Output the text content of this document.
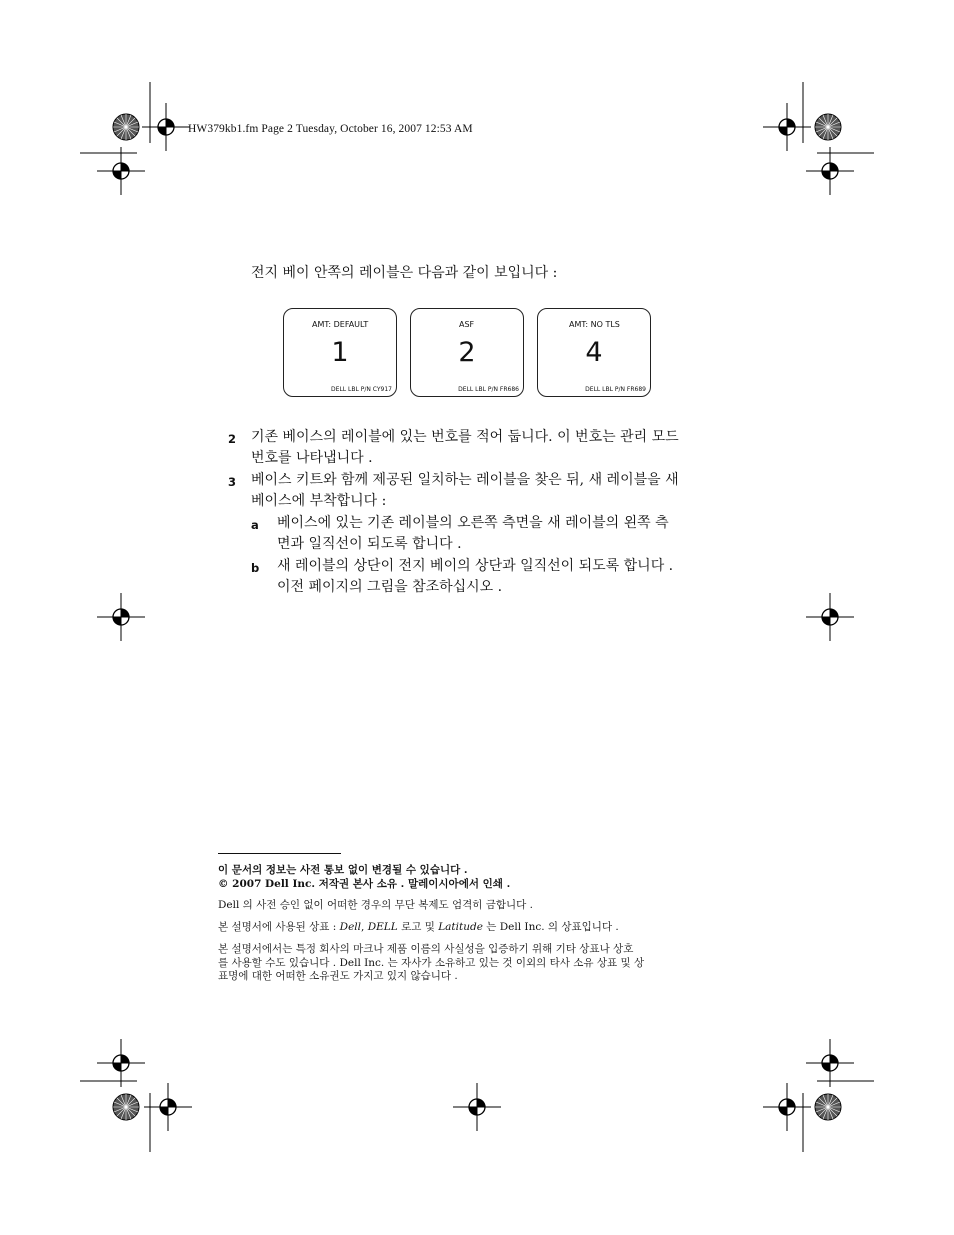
HW379kb1.fm Page 2 Tuesday, October 16, 2007 12:53 AM
전지 베이 안쪽의 레이블은 다음과 같이 보입니다 :
AMT: DEFAULT
1
DELL LBL P/N CY917
ASF
2
DELL LBL P/N FR686
AMT: NO TLS
4
DELL LBL P/N FR689
2 기존 베이스의 레이블에 있는 번호를 적어 둡니다. 이 번호는 관리 모드
번호를 나타냅니다 .
3 베이스 키트와 함께 제공된 일치하는 레이블을 찾은 뒤, 새 레이블을 새
베이스에 부착합니다 :
a 베이스에 있는 기존 레이블의 오른쪽 측면을 새 레이블의 왼쪽 측
면과 일직선이 되도록 합니다 .
b 새 레이블의 상단이 전지 베이의 상단과 일직선이 되도록 합니다 .
이전 페이지의 그림을 참조하십시오 .
이 문서의 정보는 사전 통보 없이 변경될 수 있습니다 .
© 2007 Dell Inc. 저작권 본사 소유 . 말레이시아에서 인쇄 .
Dell 의 사전 승인 없이 어떠한 경우의 무단 복제도 엄격히 금합니다 .
본 설명서에 사용된 상표 : Dell, DELL 로고 및 Latitude 는 Dell Inc. 의 상표입니다 .
본 설명서에서는 특정 회사의 마크나 제품 이름의 사실성을 입증하기 위해 기타 상표나 상호
를 사용할 수도 있습니다 . Dell Inc. 는 자사가 소유하고 있는 것 이외의 타사 소유 상표 및 상
표명에 대한 어떠한 소유권도 가지고 있지 않습니다 .
